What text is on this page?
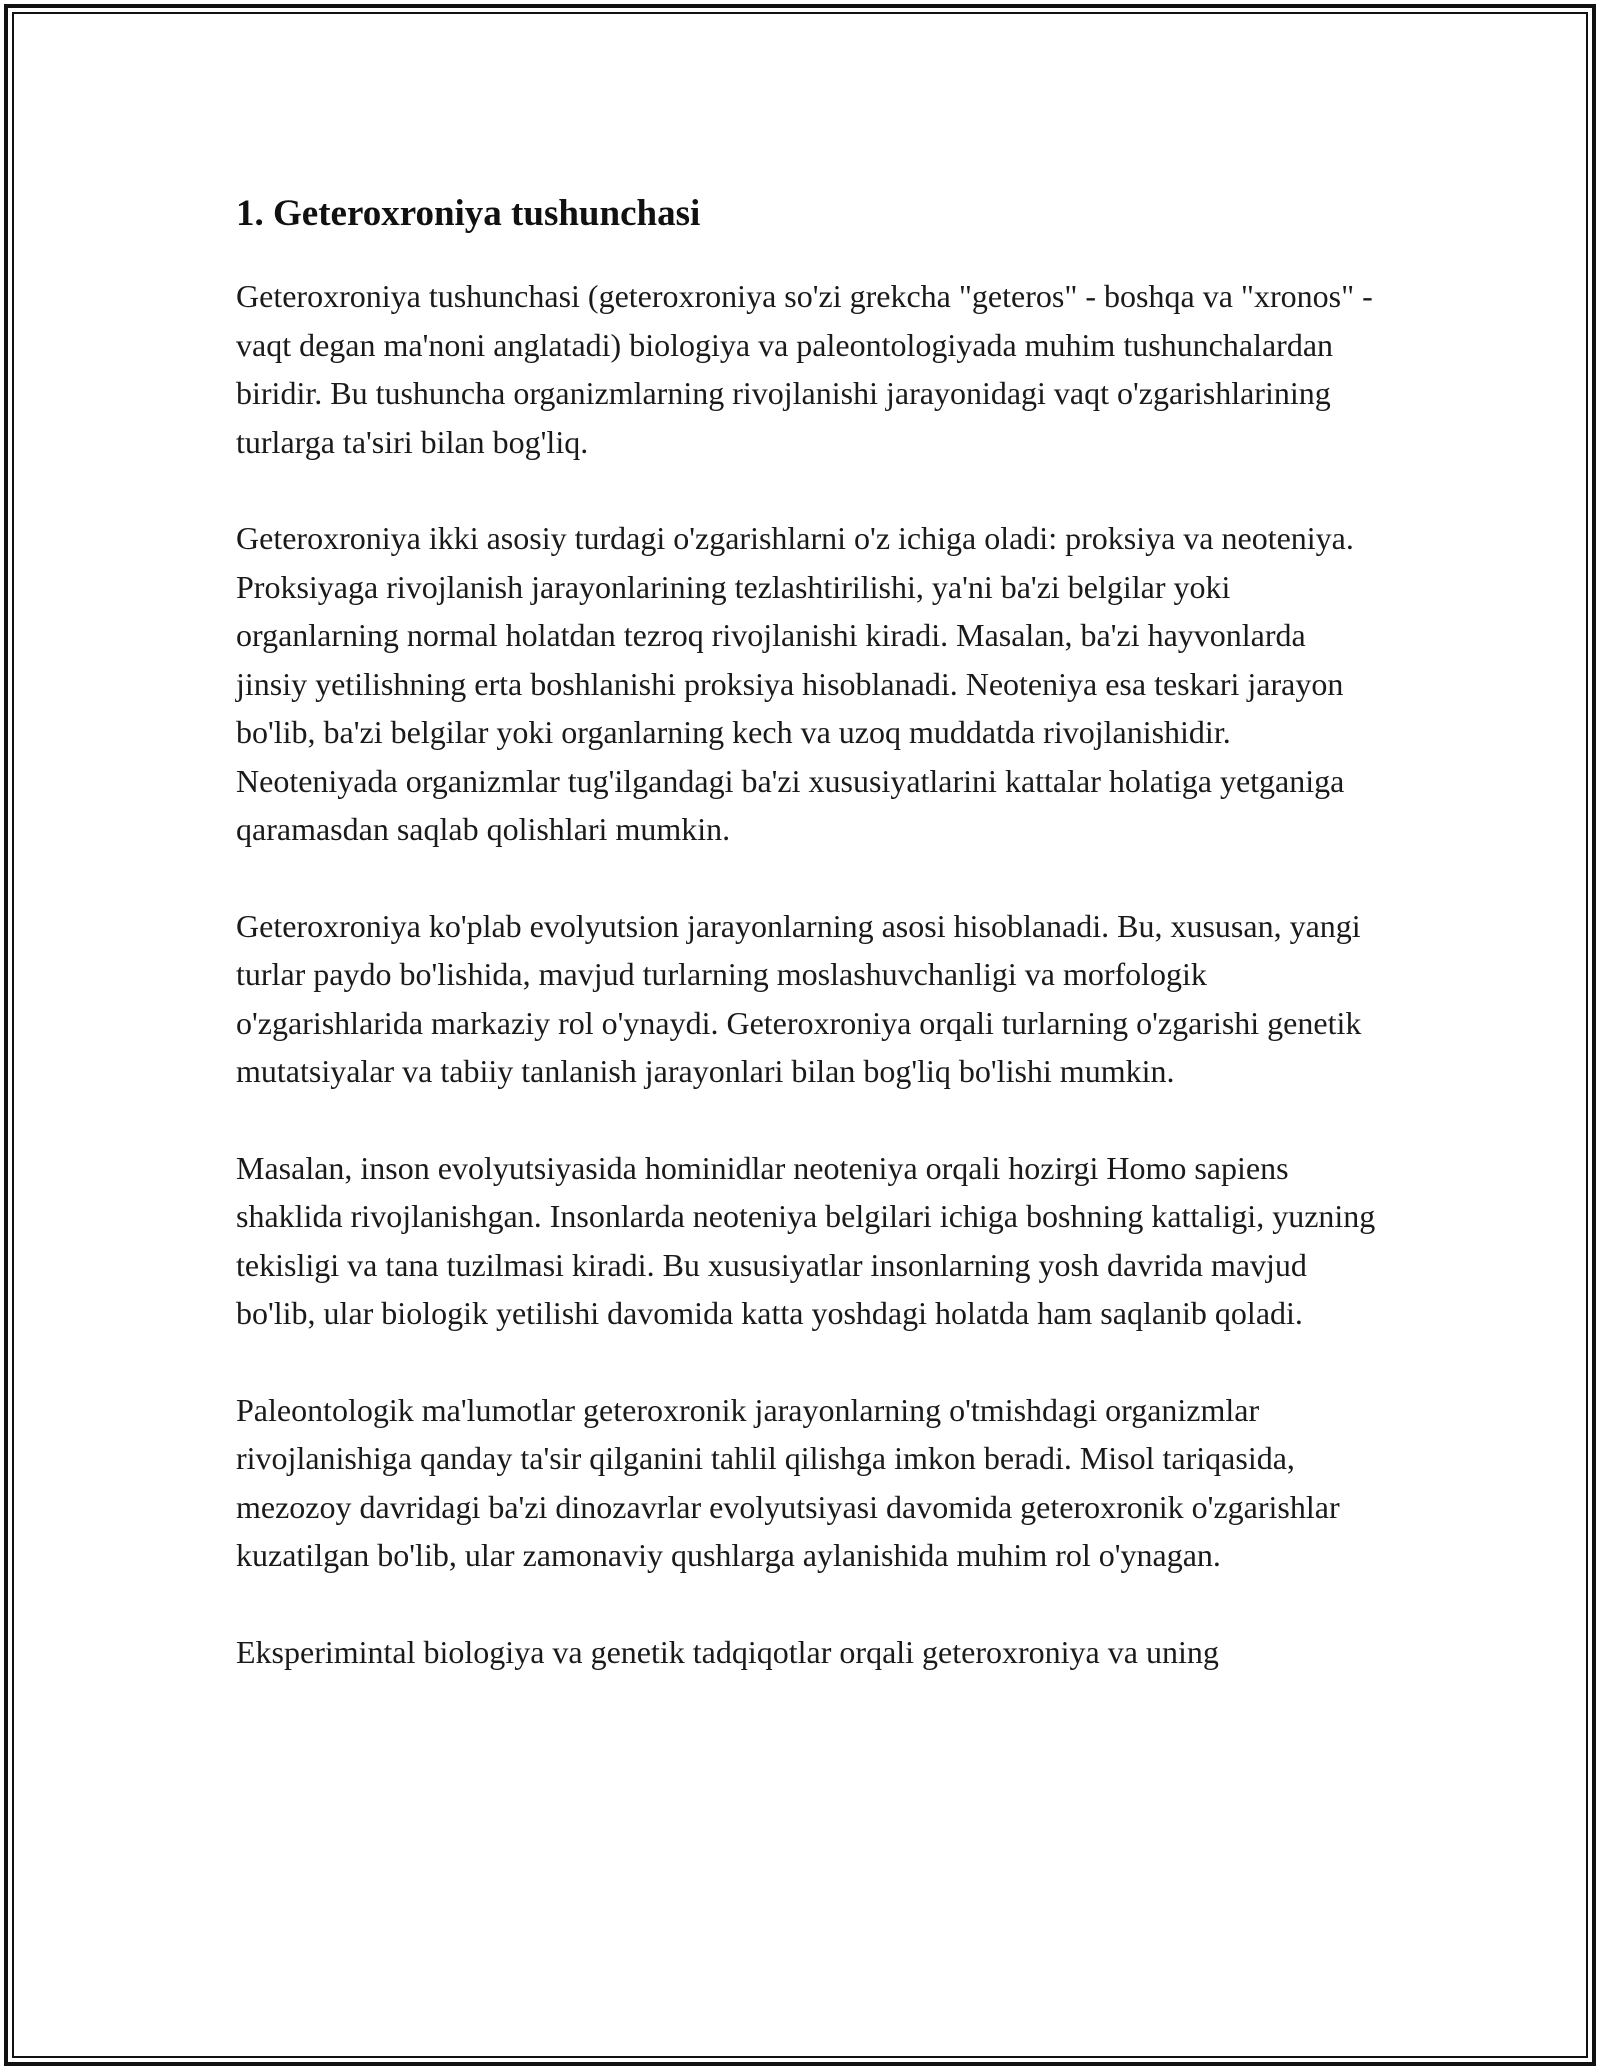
1. Geteroxroniya tushunchasi

Geteroxroniya tushunchasi (geteroxroniya so'zi grekcha "geteros" - boshqa va "xronos" - vaqt degan ma'noni anglatadi) biologiya va paleontologiyada muhim tushunchalardan biridir. Bu tushuncha organizmlarning rivojlanishi jarayonidagi vaqt o'zgarishlarining turlarga ta'siri bilan bog'liq.

Geteroxroniya ikki asosiy turdagi o'zgarishlarni o'z ichiga oladi: proksiya va neoteniya. Proksiyaga rivojlanish jarayonlarining tezlashtirilishi, ya'ni ba'zi belgilar yoki organlarning normal holatdan tezroq rivojlanishi kiradi. Masalan, ba'zi hayvonlarda jinsiy yetilishning erta boshlanishi proksiya hisoblanadi. Neoteniya esa teskari jarayon bo'lib, ba'zi belgilar yoki organlarning kech va uzoq muddatda rivojlanishidir. Neoteniyada organizmlar tug'ilgandagi ba'zi xususiyatlarini kattalar holatiga yetganiga qaramasdan saqlab qolishlari mumkin.

Geteroxroniya ko'plab evolyutsion jarayonlarning asosi hisoblanadi. Bu, xususan, yangi turlar paydo bo'lishida, mavjud turlarning moslashuvchanligi va morfologik o'zgarishlarida markaziy rol o'ynaydi. Geteroxroniya orqali turlarning o'zgarishi genetik mutatsiyalar va tabiiy tanlanish jarayonlari bilan bog'liq bo'lishi mumkin.

Masalan, inson evolyutsiyasida hominidlar neoteniya orqali hozirgi Homo sapiens shaklida rivojlanishgan. Insonlarda neoteniya belgilari ichiga boshning kattaligi, yuzning tekisligi va tana tuzilmasi kiradi. Bu xususiyatlar insonlarning yosh davrida mavjud bo'lib, ular biologik yetilishi davomida katta yoshdagi holatda ham saqlanib qoladi.

Paleontologik ma'lumotlar geteroxronik jarayonlarning o'tmishdagi organizmlar rivojlanishiga qanday ta'sir qilganini tahlil qilishga imkon beradi. Misol tariqasida, mezozoy davridagi ba'zi dinozavrlar evolyutsiyasi davomida geteroxronik o'zgarishlar kuzatilgan bo'lib, ular zamonaviy qushlarga aylanishida muhim rol o'ynagan.

Eksperimintal biologiya va genetik tadqiqotlar orqali geteroxroniya va uning
